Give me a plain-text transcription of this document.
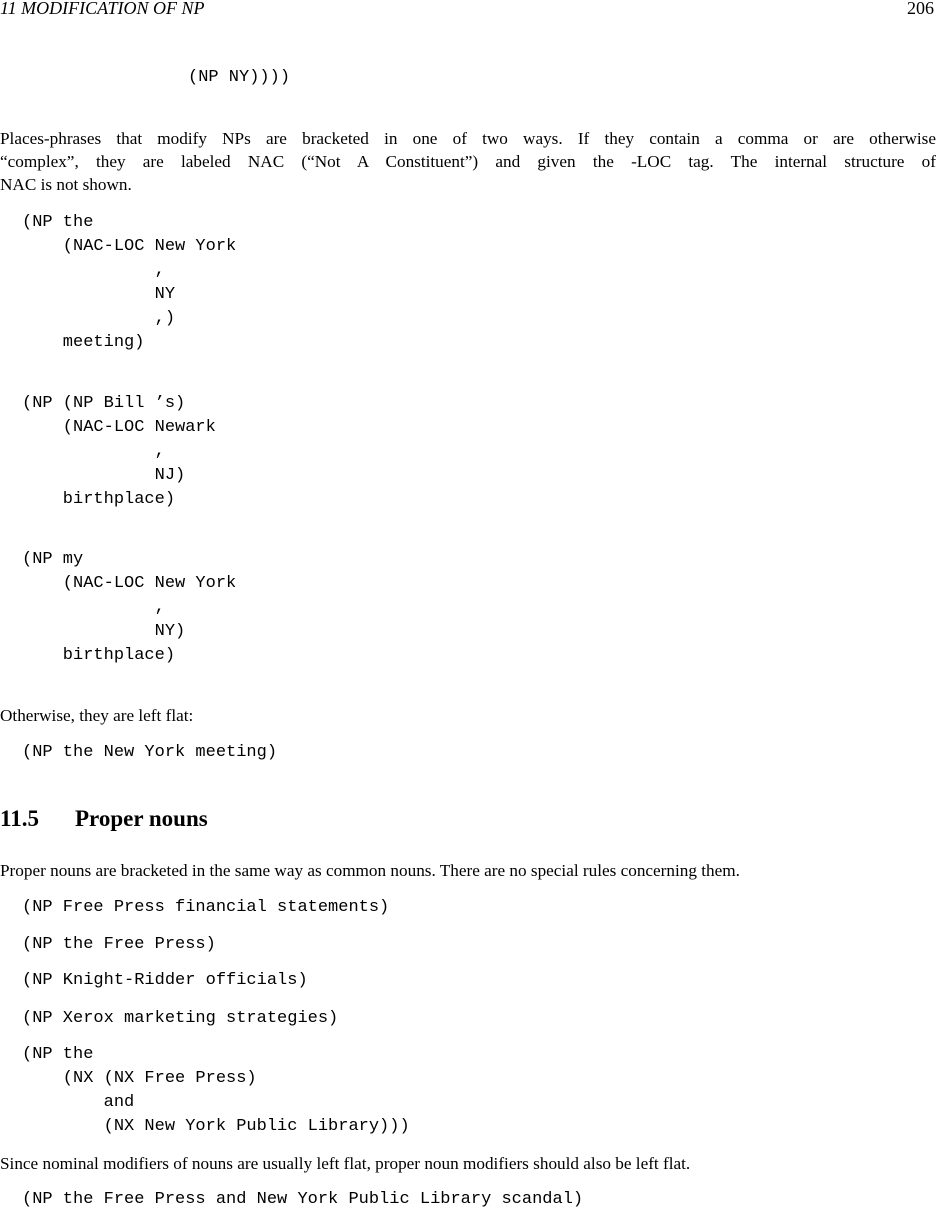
11 MODIFICATION OF NP	206
(NP NY))))
Places-phrases that modify NPs are bracketed in one of two ways. If they contain a comma or are otherwise
“complex”, they are labeled NAC (“Not A Constituent”) and given the -LOC tag. The internal structure of
NAC is not shown.
(NP the
(NAC-LOC New York
,
NY
,)
meeting)
(NP (NP Bill ’s)
(NAC-LOC Newark
,
NJ)
birthplace)
(NP my
(NAC-LOC New York
,
NY)
birthplace)
Otherwise, they are left flat:
(NP the New York meeting)
11.5 Proper nouns
Proper nouns are bracketed in the same way as common nouns. There are no special rules concerning them.
(NP Free Press financial statements)
(NP the Free Press)
(NP Knight-Ridder officials)
(NP Xerox marketing strategies)
(NP the
(NX (NX Free Press)
and
(NX New York Public Library)))
Since nominal modifiers of nouns are usually left flat, proper noun modifiers should also be left flat.
(NP the Free Press and New York Public Library scandal)
